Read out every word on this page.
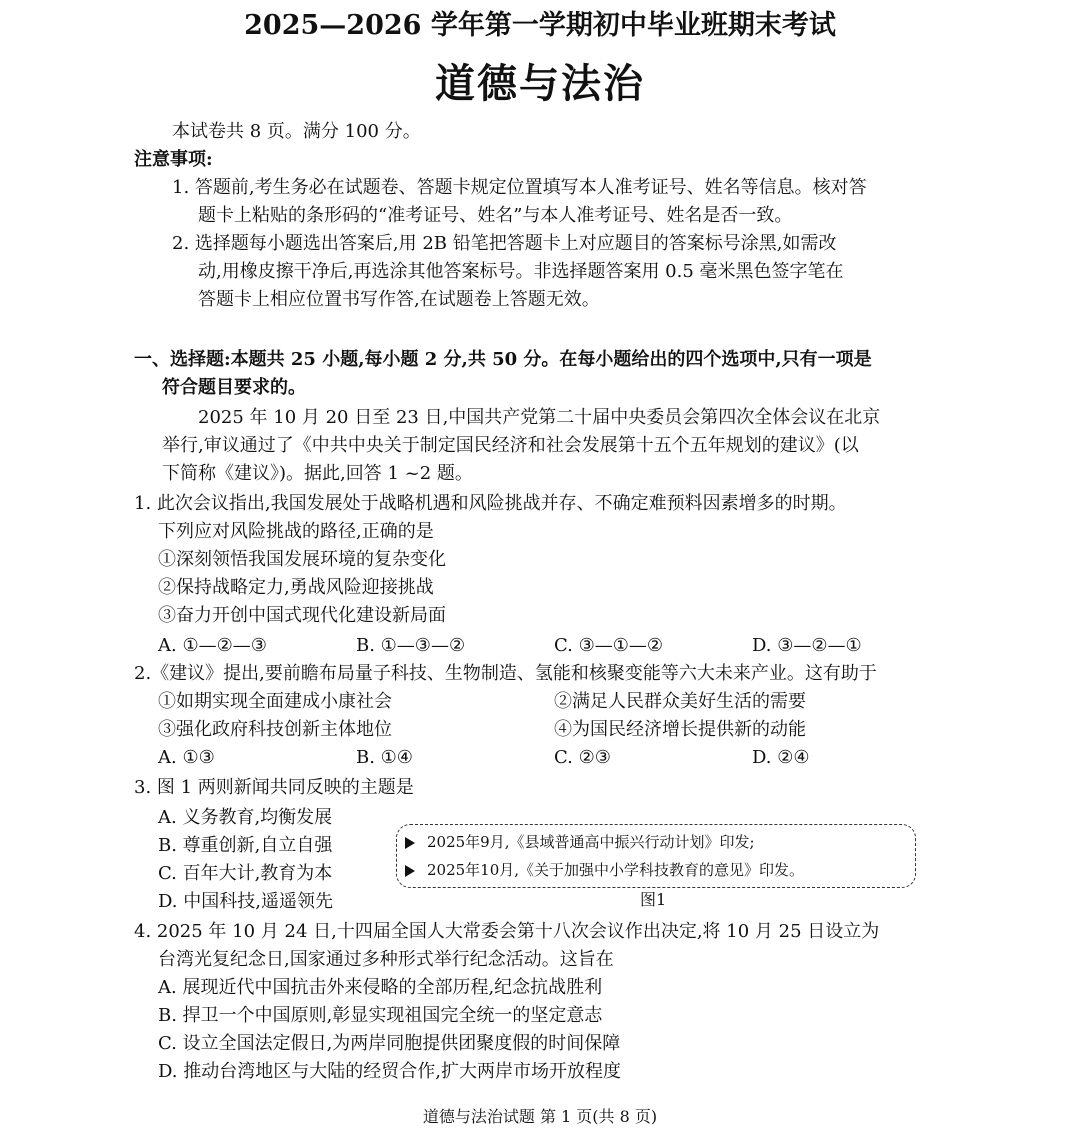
2025—2026 学年第一学期初中毕业班期末考试
道德与法治
本试卷共 8 页。满分 100 分。
注意事项:
1. 答题前,考生务必在试题卷、答题卡规定位置填写本人准考证号、姓名等信息。核对答
题卡上粘贴的条形码的“准考证号、姓名”与本人准考证号、姓名是否一致。
2. 选择题每小题选出答案后,用 2B 铅笔把答题卡上对应题目的答案标号涂黑,如需改
动,用橡皮擦干净后,再选涂其他答案标号。非选择题答案用 0.5 毫米黑色签字笔在
答题卡上相应位置书写作答,在试题卷上答题无效。
一、选择题:本题共 25 小题,每小题 2 分,共 50 分。在每小题给出的四个选项中,只有一项是
符合题目要求的。
2025 年 10 月 20 日至 23 日,中国共产党第二十届中央委员会第四次全体会议在北京
举行,审议通过了《中共中央关于制定国民经济和社会发展第十五个五年规划的建议》(以
下简称《建议》)。据此,回答 1 ~2 题。
1. 此次会议指出,我国发展处于战略机遇和风险挑战并存、不确定难预料因素增多的时期。
下列应对风险挑战的路径,正确的是
①深刻领悟我国发展环境的复杂变化
②保持战略定力,勇战风险迎接挑战
③奋力开创中国式现代化建设新局面
A. ①—②—③	B. ①—③—②	C. ③—①—②	D. ③—②—①
2.《建议》提出,要前瞻布局量子科技、生物制造、氢能和核聚变能等六大未来产业。这有助于
①如期实现全面建成小康社会	②满足人民群众美好生活的需要
③强化政府科技创新主体地位	④为国民经济增长提供新的动能
A. ①③	B. ①④	C. ②③	D. ②④
3. 图 1 两则新闻共同反映的主题是
A. 义务教育,均衡发展
B. 尊重创新,自立自强
C. 百年大计,教育为本
D. 中国科技,遥遥领先
2025年9月,《县域普通高中振兴行动计划》印发;
2025年10月,《关于加强中小学科技教育的意见》印发。
图1
4. 2025 年 10 月 24 日,十四届全国人大常委会第十八次会议作出决定,将 10 月 25 日设立为
台湾光复纪念日,国家通过多种形式举行纪念活动。这旨在
A. 展现近代中国抗击外来侵略的全部历程,纪念抗战胜利
B. 捍卫一个中国原则,彰显实现祖国完全统一的坚定意志
C. 设立全国法定假日,为两岸同胞提供团聚度假的时间保障
D. 推动台湾地区与大陆的经贸合作,扩大两岸市场开放程度
道德与法治试题 第 1 页(共 8 页)
